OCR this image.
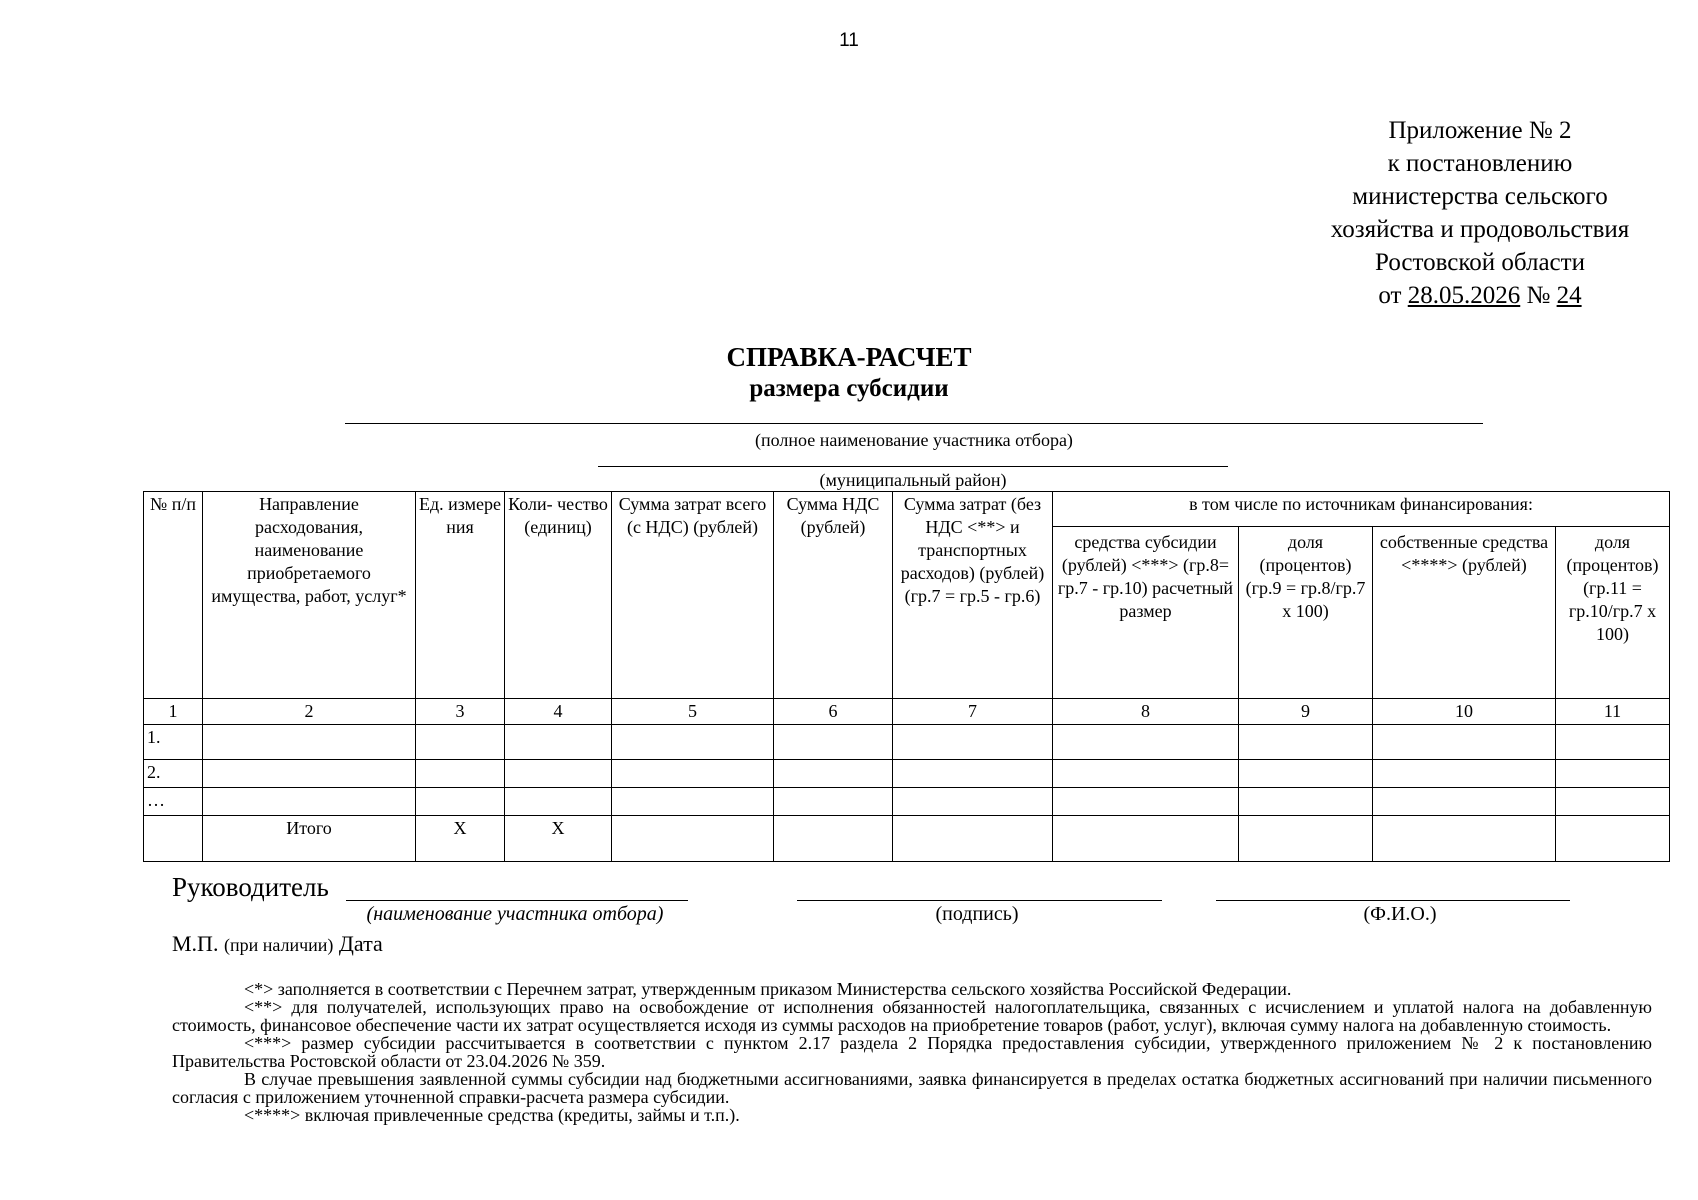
11
Приложение № 2
к постановлению
министерства сельского
хозяйства и продовольствия
Ростовской области
от 28.05.2026 № 24
СПРАВКА-РАСЧЕТ
размера субсидии
(полное наименование участника отбора)
(муниципальный район)
№ п/п	Направление расходования, наименование приобретаемого имущества, работ, услуг*	Ед. измере ния	Коли- чество (единиц)	Сумма затрат всего (с НДС) (рублей)	Сумма НДС (рублей)	Сумма затрат (без НДС <**> и транспортных расходов) (рублей) (гр.7 = гр.5 - гр.6)	в том числе по источникам финансирования:			
							средства субсидии (рублей) <***> (гр.8= гр.7 - гр.10) расчетный размер	доля (процентов) (гр.9 = гр.8/гр.7 х 100)	собственные средства <****> (рублей)	доля (процентов) (гр.11 = гр.10/гр.7 х 100)
1	2	3	4	5	6	7	8	9	10	11
1.										
2.										
…										
	Итого	Х	Х							
Руководитель
(наименование участника отбора)	(подпись)	(Ф.И.О.)
М.П. (при наличии) Дата

<*> заполняется в соответствии с Перечнем затрат, утвержденным приказом Министерства сельского хозяйства Российской Федерации.

<**> для получателей, использующих право на освобождение от исполнения обязанностей налогоплательщика, связанных с исчислением и уплатой налога на добавленную стоимость, финансовое обеспечение части их затрат осуществляется исходя из суммы расходов на приобретение товаров (работ, услуг), включая сумму налога на добавленную стоимость.

<***> размер субсидии рассчитывается в соответствии с пунктом 2.17 раздела 2 Порядка предоставления субсидии, утвержденного приложением № 2 к постановлению Правительства Ростовской области от 23.04.2026 № 359.

В случае превышения заявленной суммы субсидии над бюджетными ассигнованиями, заявка финансируется в пределах остатка бюджетных ассигнований при наличии письменного согласия с приложением уточненной справки-расчета размера субсидии.

<****> включая привлеченные средства (кредиты, займы и т.п.).
